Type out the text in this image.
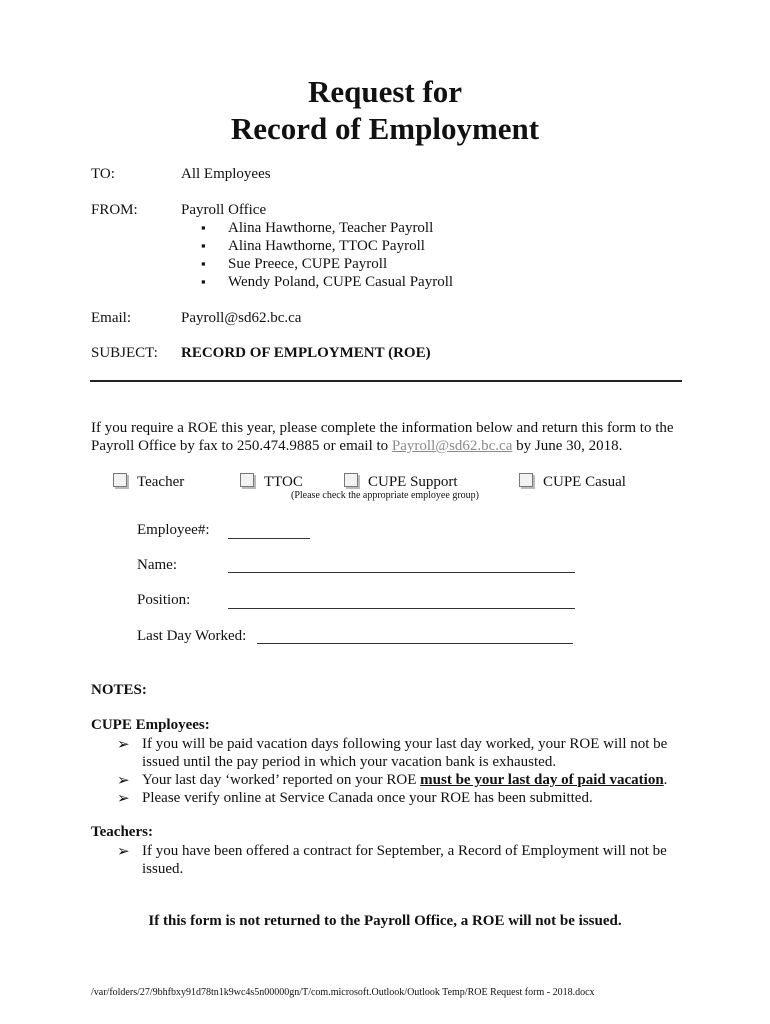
Request for
Record of Employment
TO:	All Employees
FROM:	Payroll Office
▪ Alina Hawthorne, Teacher Payroll
▪ Alina Hawthorne, TTOC Payroll
▪ Sue Preece, CUPE Payroll
▪ Wendy Poland, CUPE Casual Payroll
Email:	Payroll@sd62.bc.ca
SUBJECT: RECORD OF EMPLOYMENT (ROE)
If you require a ROE this year, please complete the information below and return this form to the Payroll Office by fax to 250.474.9885 or email to Payroll@sd62.bc.ca by June 30, 2018.
Teacher	TTOC	CUPE Support	CUPE Casual
(Please check the appropriate employee group)
Employee#:
Name:
Position:
Last Day Worked:
NOTES:
CUPE Employees:
➢ If you will be paid vacation days following your last day worked, your ROE will not be issued until the pay period in which your vacation bank is exhausted.
➢ Your last day ‘worked’ reported on your ROE must be your last day of paid vacation.
➢ Please verify online at Service Canada once your ROE has been submitted.
Teachers:
➢ If you have been offered a contract for September, a Record of Employment will not be issued.
If this form is not returned to the Payroll Office, a ROE will not be issued.
/var/folders/27/9bhfbxy91d78tn1k9wc4s5n00000gn/T/com.microsoft.Outlook/Outlook Temp/ROE Request form - 2018.docx
